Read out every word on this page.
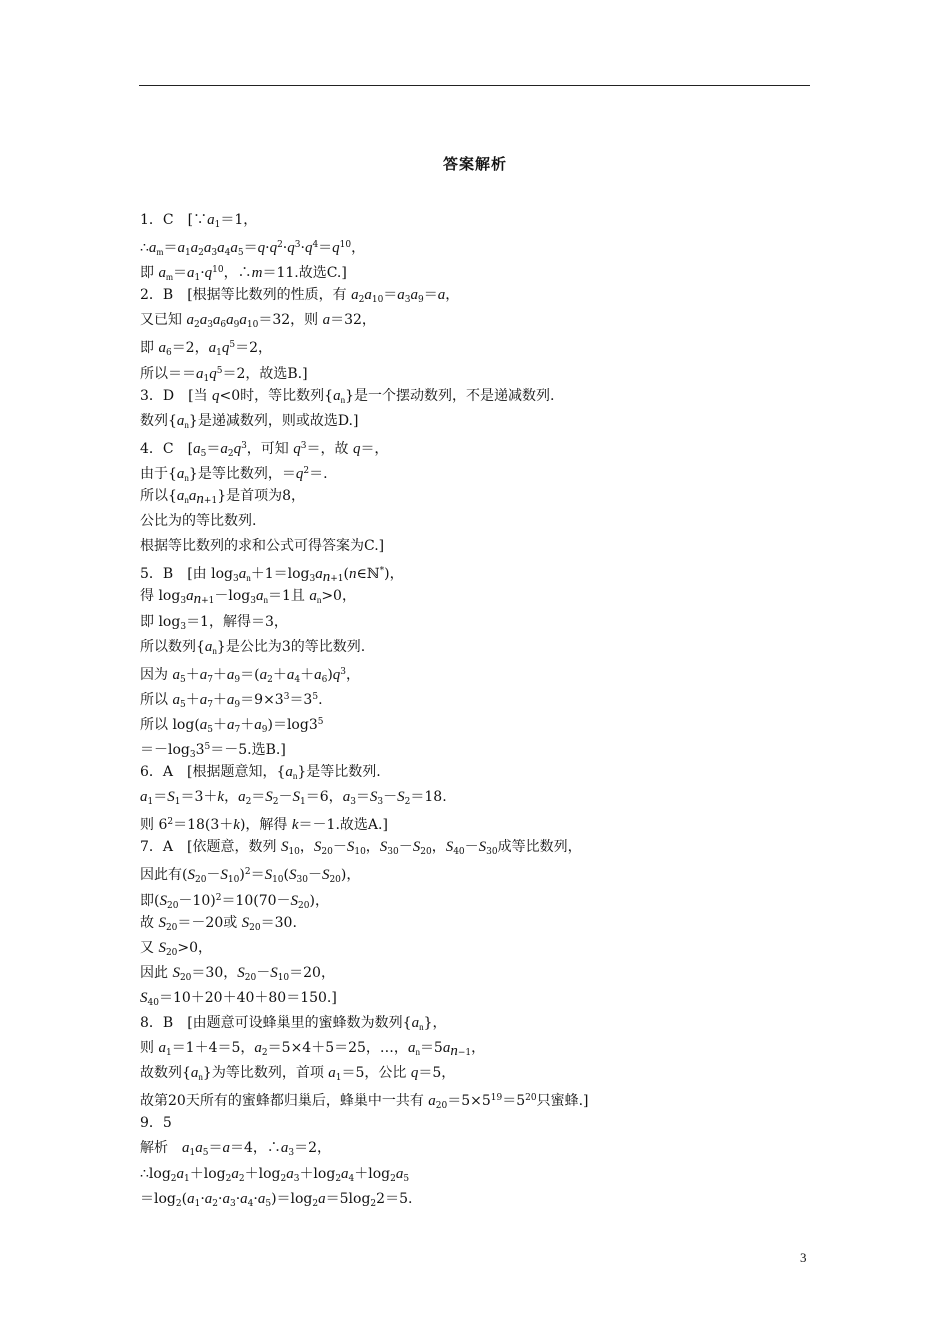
答案解析
1．C　[$\because a_1=1$，
$\therefore a_m=a_1a_2a_3a_4a_5=q\cdot q^2\cdot q^3\cdot q^4=q^{10}$，
即 $a_m=a_1\cdot q^{10}$，∴m＝11.故选C.]
2．B　[根据等比数列的性质，有 $a_2a_{10}=a_3a_9=a$，
又已知 $a_2a_3a_6a_9a_{10}=32$，则 a＝32，
即 $a_6=2$，$a_1q^5=2$，
所以$==a_1q^5=2$，故选B.]
3．D　[当 q<0时，等比数列$\{a_n\}$是一个摆动数列，不是递减数列.
数列$\{a_n\}$是递减数列，则或故选D.]
4．C　[$a_5=a_2q^3$，可知 $q^3=$，故 q＝，
由于$\{a_n\}$是等比数列，$=q^2=$.
所以$\{a_na_{n+1}\}$是首项为8，
公比为的等比数列.
根据等比数列的求和公式可得答案为C.]
5．B　[由 $\log_3a_n+1=\log_3a_{n+1}(n\in ℕ^*)$，
得 $\log_3a_{n+1}-\log_3a_n=1$且 $a_n>0$，
即 $\log_3=1$，解得＝3，
所以数列$\{a_n\}$是公比为3的等比数列.
因为 $a_5+a_7+a_9=(a_2+a_4+a_6)q^3$，
所以 $a_5+a_7+a_9=9\times 3^3=3^5$.
所以 $\log(a_5+a_7+a_9)=\log 3^5$
$=-\log_33^5=-5$.选B.]
6．A　[根据题意知，$\{a_n\}$是等比数列.
$a_1=S_1=3+k$，$a_2=S_2-S_1=6$，$a_3=S_3-S_2=18$.
则 $6^2=18(3+k)$，解得 k＝－1.故选A.]
7．A　[依题意，数列 $S_{10}$，$S_{20}-S_{10}$，$S_{30}-S_{20}$，$S_{40}-S_{30}$成等比数列，
因此有$(S_{20}-S_{10})^2=S_{10}(S_{30}-S_{20})$，
即$(S_{20}-10)^2=10(70-S_{20})$，
故 $S_{20}=-20$或 $S_{20}=30$.
又 $S_{20}>0$，
因此 $S_{20}=30$，$S_{20}-S_{10}=20$，
$S_{40}=10+20+40+80=150$.]
8．B　[由题意可设蜂巢里的蜜蜂数为数列$\{a_n\}$，
则 $a_1=1+4=5$，$a_2=5\times 4+5=25$，…，$a_n=5a_{n-1}$，
故数列$\{a_n\}$为等比数列，首项 $a_1=5$，公比 q＝5，
故第20天所有的蜜蜂都归巢后，蜂巢中一共有 $a_{20}=5\times 5^{19}=5^{20}$只蜜蜂.]
9．5
解析　$a_1a_5=a=4$，$\therefore a_3=2$，
$\therefore\log_2a_1+\log_2a_2+\log_2a_3+\log_2a_4+\log_2a_5$
$=\log_2(a_1\cdot a_2\cdot a_3\cdot a_4\cdot a_5)=\log_2a=5\log_22=5$.
3
